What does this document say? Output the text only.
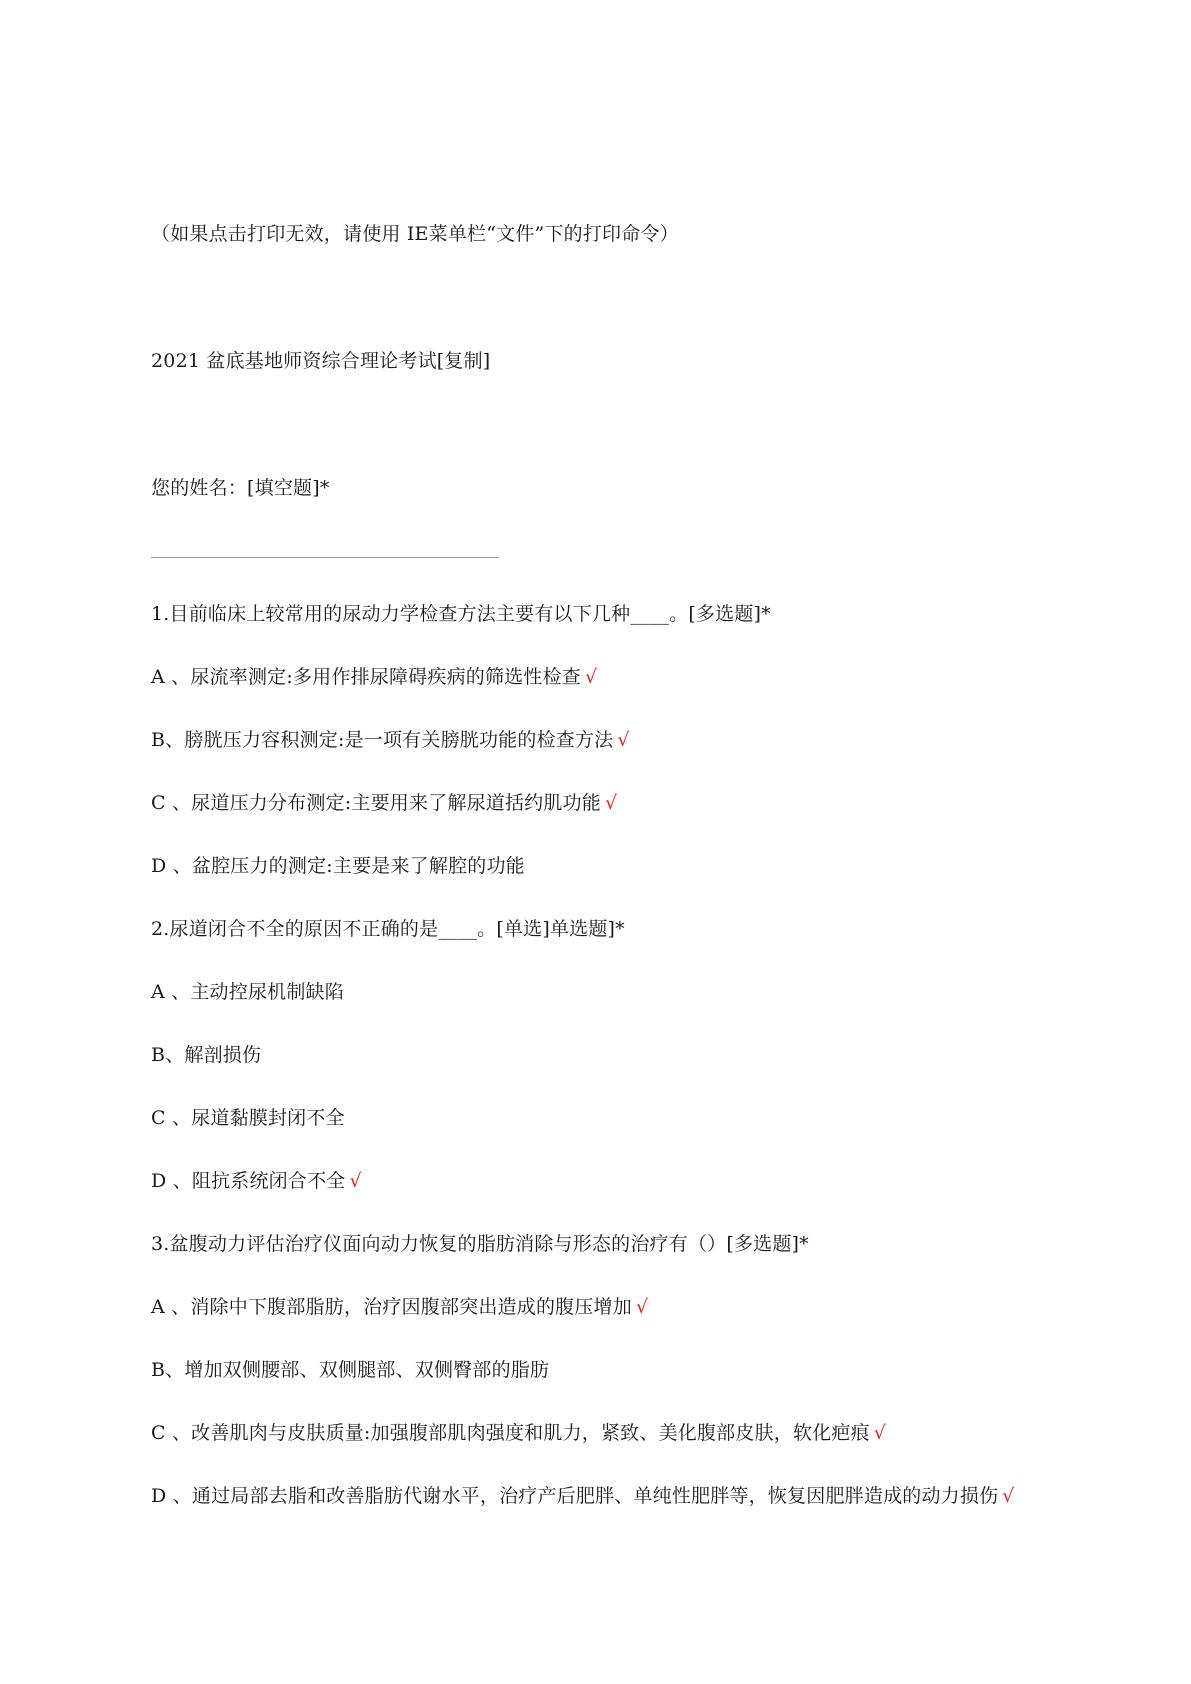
（如果点击打印无效，请使用 IE菜单栏“文件”下的打印命令）
2021 盆底基地师资综合理论考试[复制]
您的姓名：[填空题]*
1.目前临床上较常用的尿动力学检查方法主要有以下几种____。[多选题]*
A 、尿流率测定:多用作排尿障碍疾病的筛选性检查 √
B、膀胱压力容积测定:是一项有关膀胱功能的检查方法 √
C 、尿道压力分布测定:主要用来了解尿道括约肌功能 √
D 、盆腔压力的测定:主要是来了解腔的功能
2.尿道闭合不全的原因不正确的是____。[单选]单选题]*
A 、主动控尿机制缺陷
B、解剖损伤
C 、尿道黏膜封闭不全
D 、阻抗系统闭合不全 √
3.盆腹动力评估治疗仪面向动力恢复的脂肪消除与形态的治疗有（）[多选题]*
A 、消除中下腹部脂肪，治疗因腹部突出造成的腹压增加 √
B、增加双侧腰部、双侧腿部、双侧臀部的脂肪
C 、改善肌肉与皮肤质量:加强腹部肌肉强度和肌力，紧致、美化腹部皮肤，软化疤痕 √
D 、通过局部去脂和改善脂肪代谢水平，治疗产后肥胖、单纯性肥胖等，恢复因肥胖造成的动力损伤 √
